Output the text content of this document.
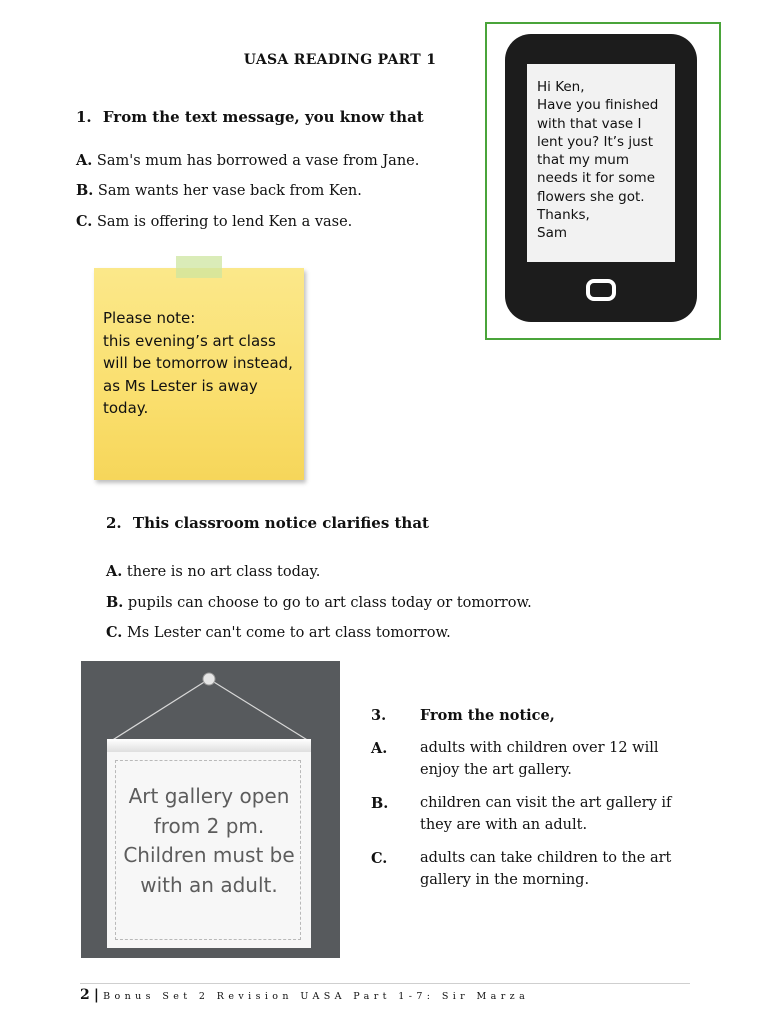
UASA READING PART 1
1. From the text message, you know that
A. Sam's mum has borrowed a vase from Jane.
B. Sam wants her vase back from Ken.
C. Sam is offering to lend Ken a vase.
Hi Ken,
Have you finished
with that vase I
lent you? It’s just
that my mum
needs it for some
flowers she got.
Thanks,
Sam
Please note:
this evening’s art class
will be tomorrow instead,
as Ms Lester is away
today.
2. This classroom notice clarifies that
A. there is no art class today.
B. pupils can choose to go to art class today or tomorrow.
C. Ms Lester can't come to art class tomorrow.
Art gallery open
from 2 pm.
Children must be
with an adult.
3. From the notice,
A. adults with children over 12 will
enjoy the art gallery.
B. children can visit the art gallery if
they are with an adult.
C. adults can take children to the art
gallery in the morning.
2 | Bonus Set 2 Revision UASA Part 1-7: Sir Marza
